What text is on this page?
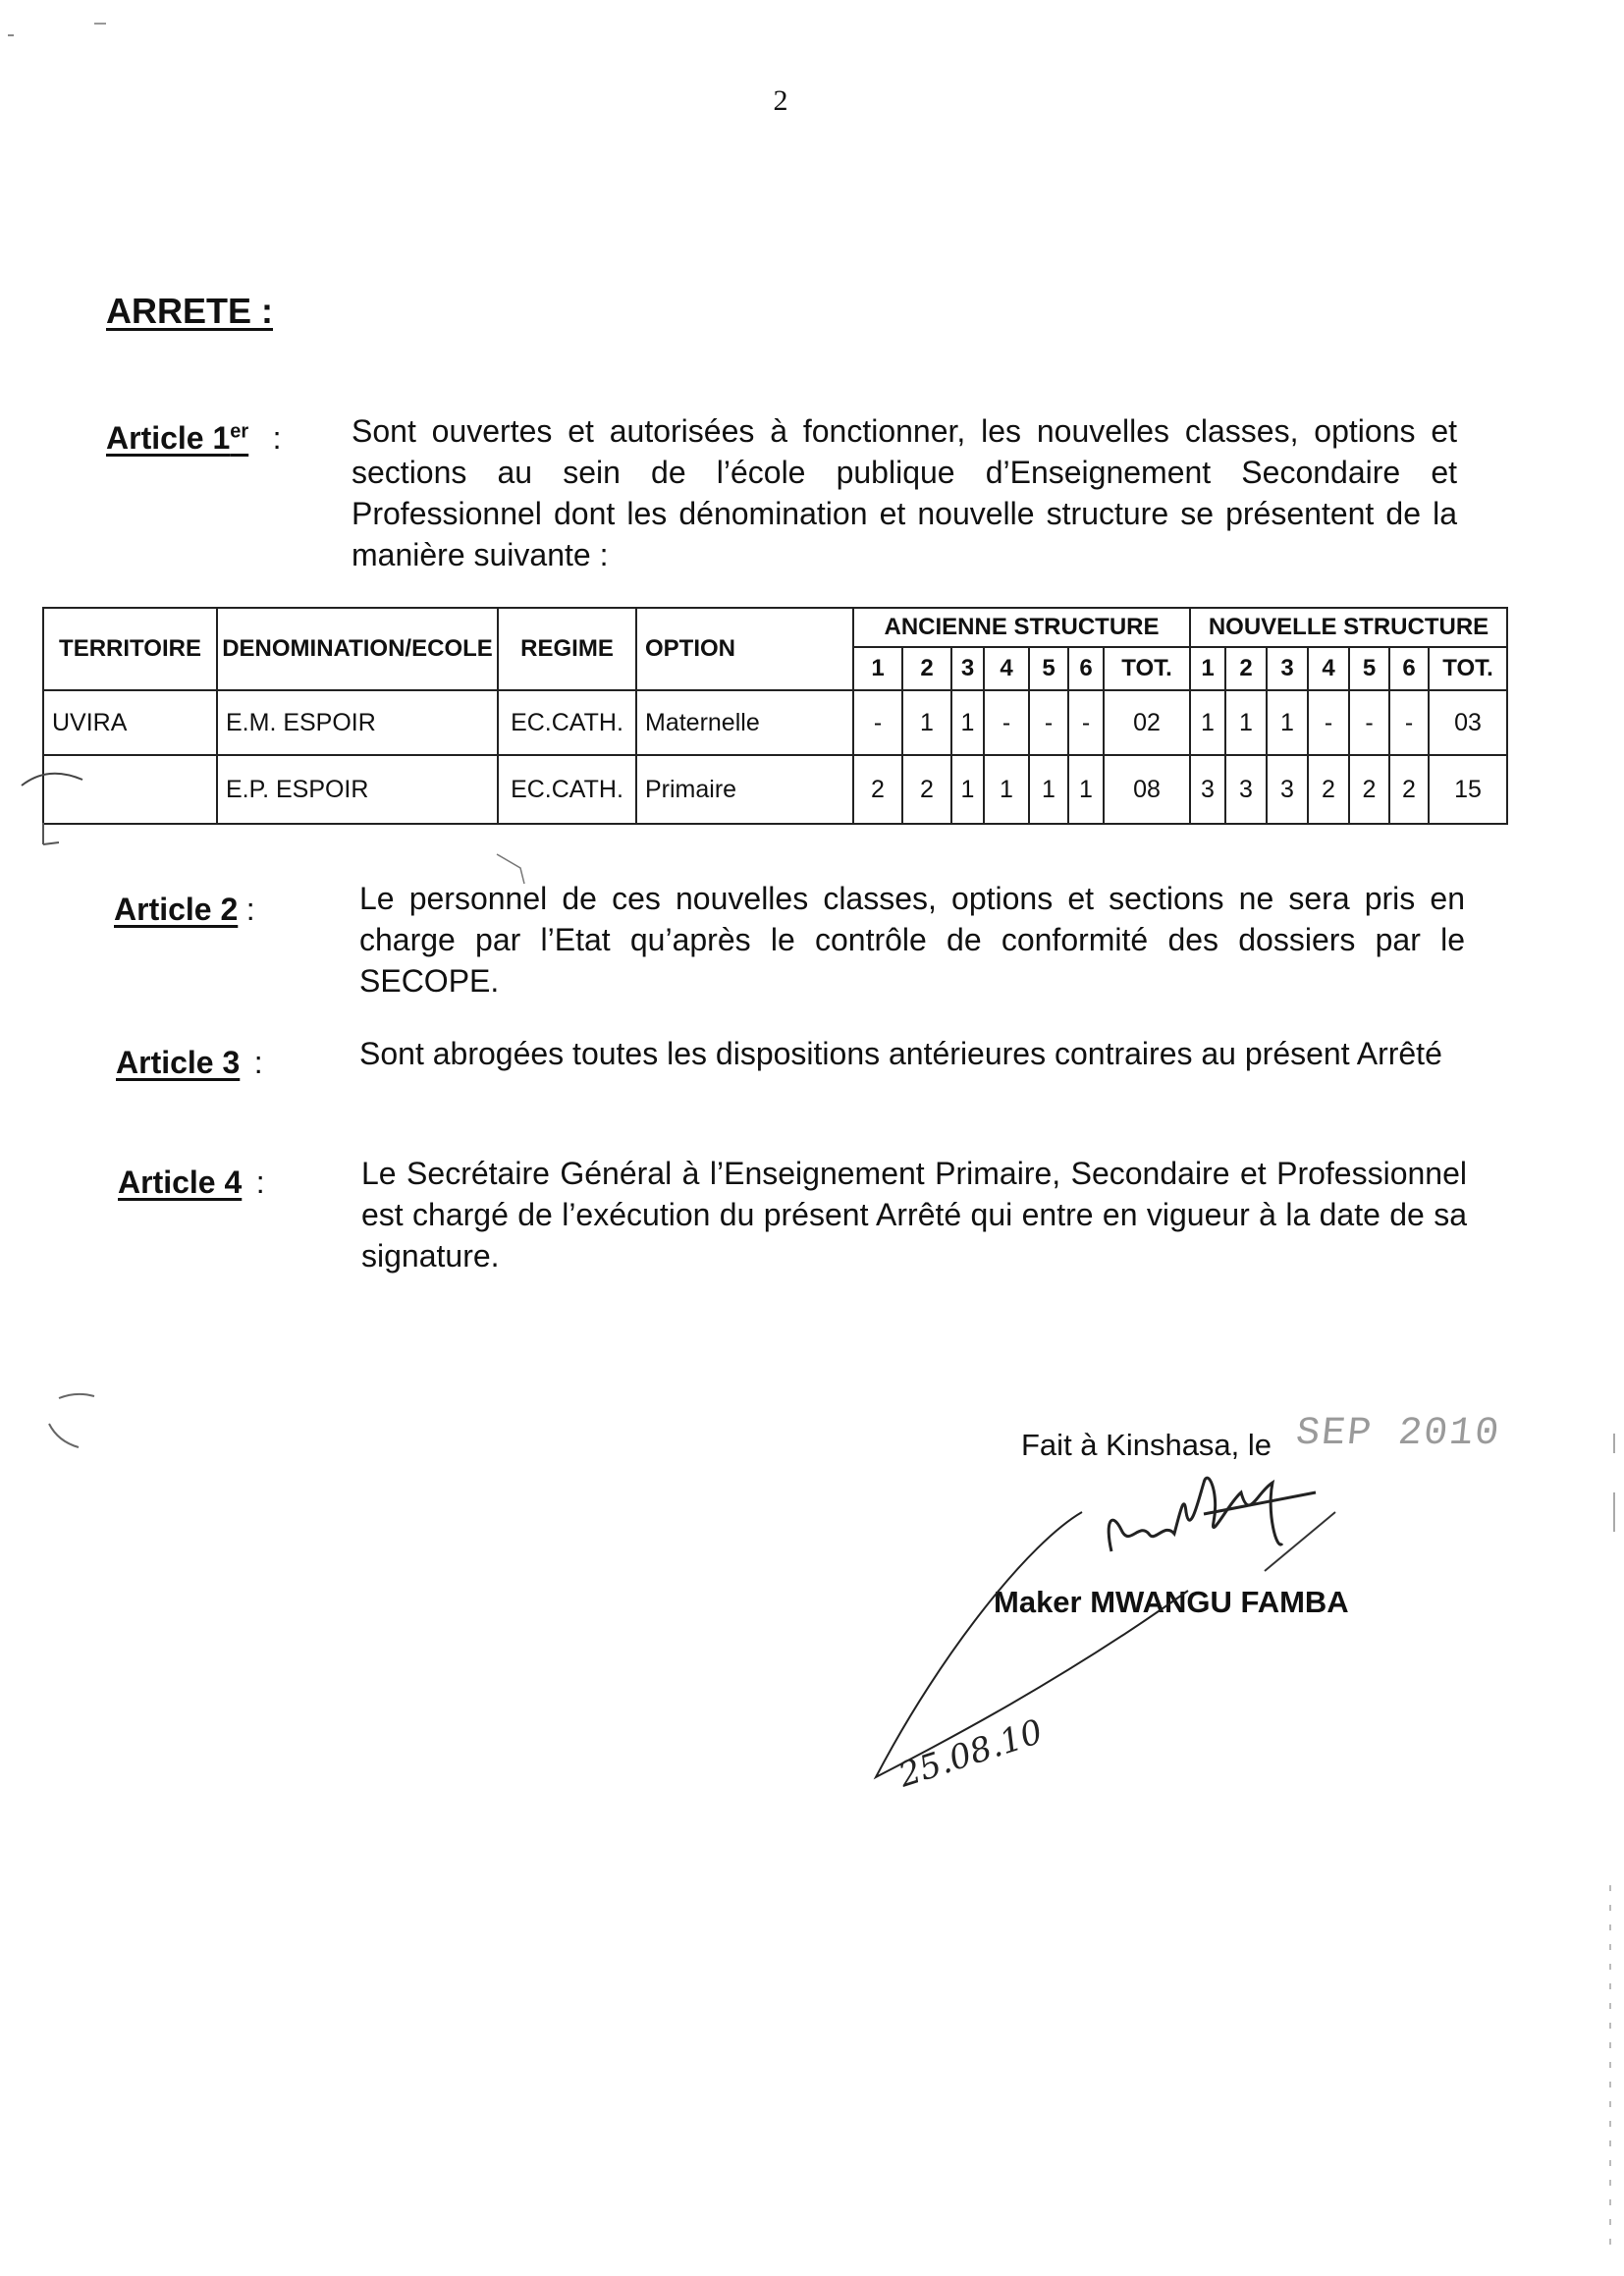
2
ARRETE :
Article 1er : Sont ouvertes et autorisées à fonctionner, les nouvelles classes, options et sections au sein de l’école publique d’Enseignement Secondaire et Professionnel dont les dénomination et nouvelle structure se présentent de la manière suivante :
TERRITOIRE	DENOMINATION/ECOLE	REGIME	OPTION	ANCIENNE STRUCTURE							NOUVELLE STRUCTURE						
				1	2	3	4	5	6	TOT.	1	2	3	4	5	6	TOT.
UVIRA	E.M. ESPOIR	EC.CATH.	Maternelle	-	1	1	-	-	-	02	1	1	1	-	-	-	03
	E.P. ESPOIR	EC.CATH.	Primaire	2	2	1	1	1	1	08	3	3	3	2	2	2	15
Article 2 :	Le personnel de ces nouvelles classes, options et sections ne sera pris en charge par l’Etat qu’après le contrôle de conformité des dossiers par le SECOPE.
Article 3 :	Sont abrogées toutes les dispositions antérieures contraires au présent Arrêté
Article 4 :	Le Secrétaire Général à l’Enseignement Primaire, Secondaire et Professionnel est chargé de l’exécution du présent Arrêté qui entre en vigueur à la date de sa signature.
Fait à Kinshasa, le SEP 2010
Maker MWANGU FAMBA
25.08.10
